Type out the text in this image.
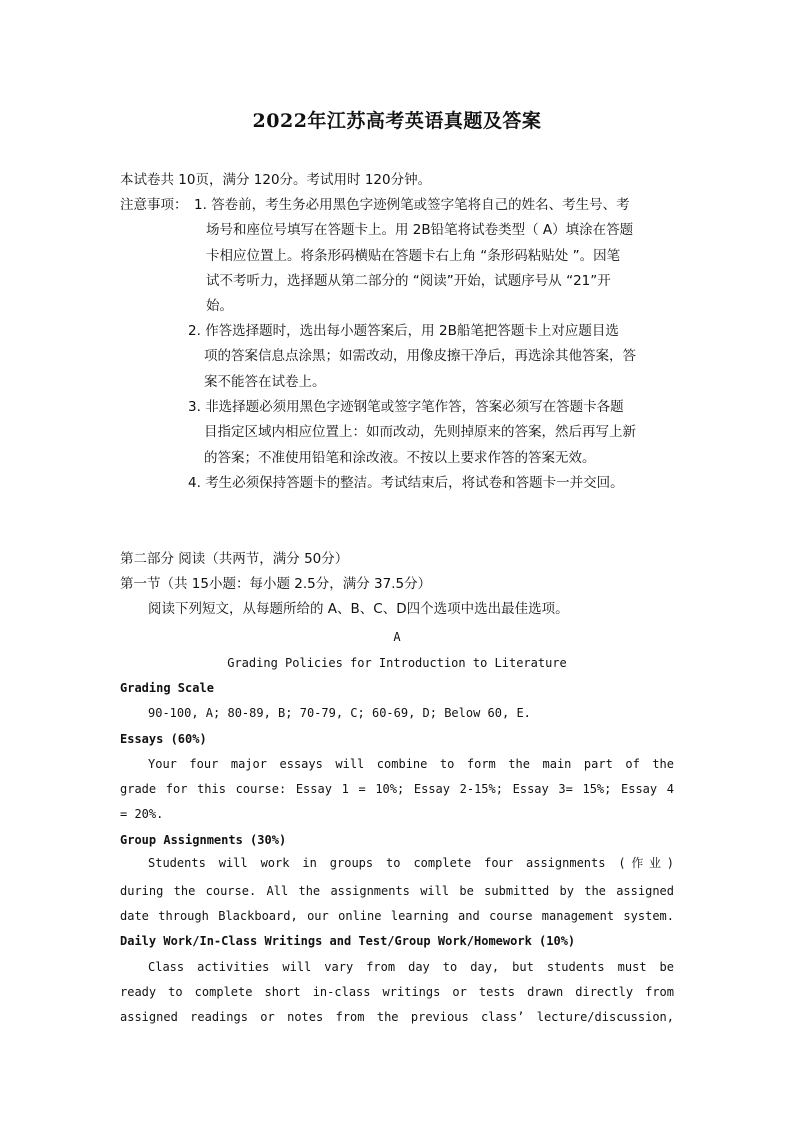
2022年江苏高考英语真题及答案
本试卷共 10页，满分 120分。考试用时 120分钟。
注意事项： 1. 答卷前，考生务必用黑色字迹例笔或签字笔将自己的姓名、考生号、考
场号和座位号填写在答题卡上。用 2B铅笔将试卷类型（ A）填涂在答题
卡相应位置上。将条形码横贴在答题卡右上角 “条形码粘贴处 ”。因笔
试不考听力，选择题从第二部分的 “阅读”开始，试题序号从 “21”开
始。
2. 作答选择题时，选出每小题答案后，用 2B船笔把答题卡上对应题目选
项的答案信息点涂黑；如需改动，用像皮擦干净后，再选涂其他答案，答
案不能答在试卷上。
3. 非选择题必须用黑色字迹钢笔或签字笔作答，答案必须写在答题卡各题
目指定区域内相应位置上：如而改动，先则掉原来的答案，然后再写上新
的答案；不准使用铅笔和涂改液。不按以上要求作答的答案无效。
4. 考生必须保持答题卡的整洁。考试结束后，将试卷和答题卡一并交回。
第二部分 阅读（共两节，满分 50分）
第一节（共 15小题：每小题 2.5分，满分 37.5分）
阅读下列短文，从每题所给的 A、B、C、D四个选项中选出最佳选项。
A
Grading Policies for Introduction to Literature
Grading Scale
90-100, A; 80-89, B; 70-79, C; 60-69, D; Below 60, E.
Essays (60%)
Your four major essays will combine to form the main part of the
grade for this course: Essay 1 = 10%; Essay 2-15%; Essay 3= 15%; Essay 4
= 20%.
Group Assignments (30%)
Students will work in groups to complete four assignments (作业)
during the course. All the assignments will be submitted by the assigned
date through Blackboard, our online learning and course management system.
Daily Work/In-Class Writings and Test/Group Work/Homework (10%)
Class activities will vary from day to day, but students must be
ready to complete short in-class writings or tests drawn directly from
assigned readings or notes from the previous class’ lecture/discussion,
